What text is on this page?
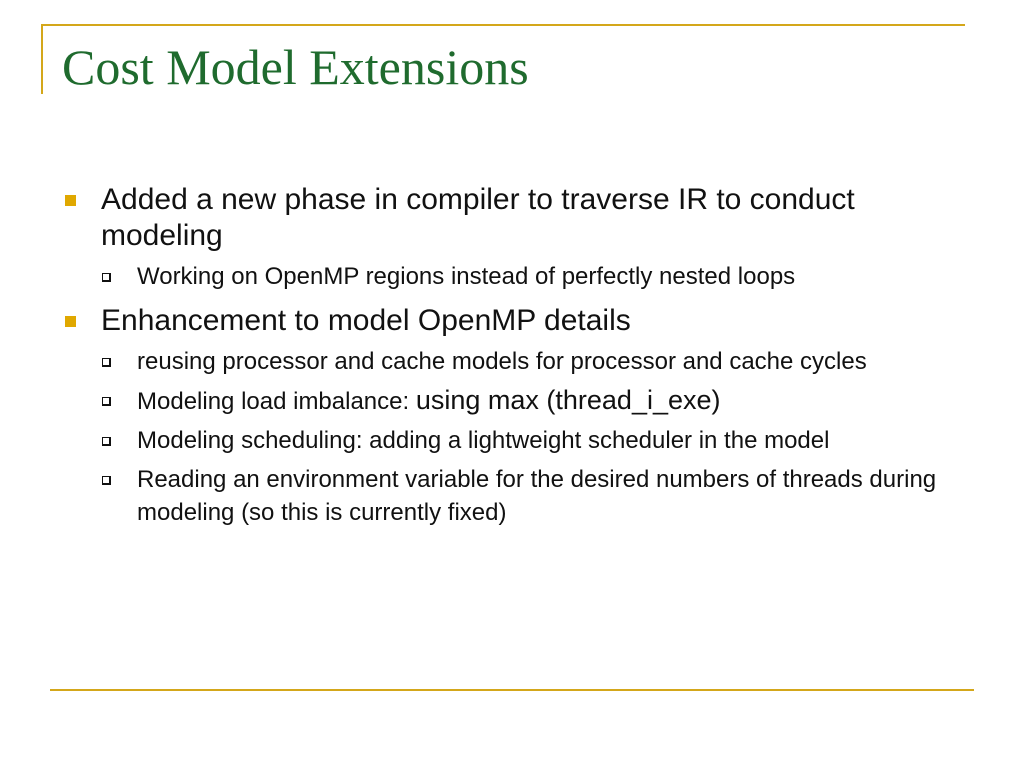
Cost Model Extensions
Added a new phase in compiler to traverse IR to conduct modeling
Working on OpenMP regions instead of perfectly nested loops
Enhancement to model OpenMP details
reusing processor and cache models for processor and cache cycles
Modeling load imbalance: using max (thread_i_exe)
Modeling scheduling: adding a lightweight scheduler in the model
Reading an environment variable for the desired numbers of threads during modeling (so this is currently fixed)
